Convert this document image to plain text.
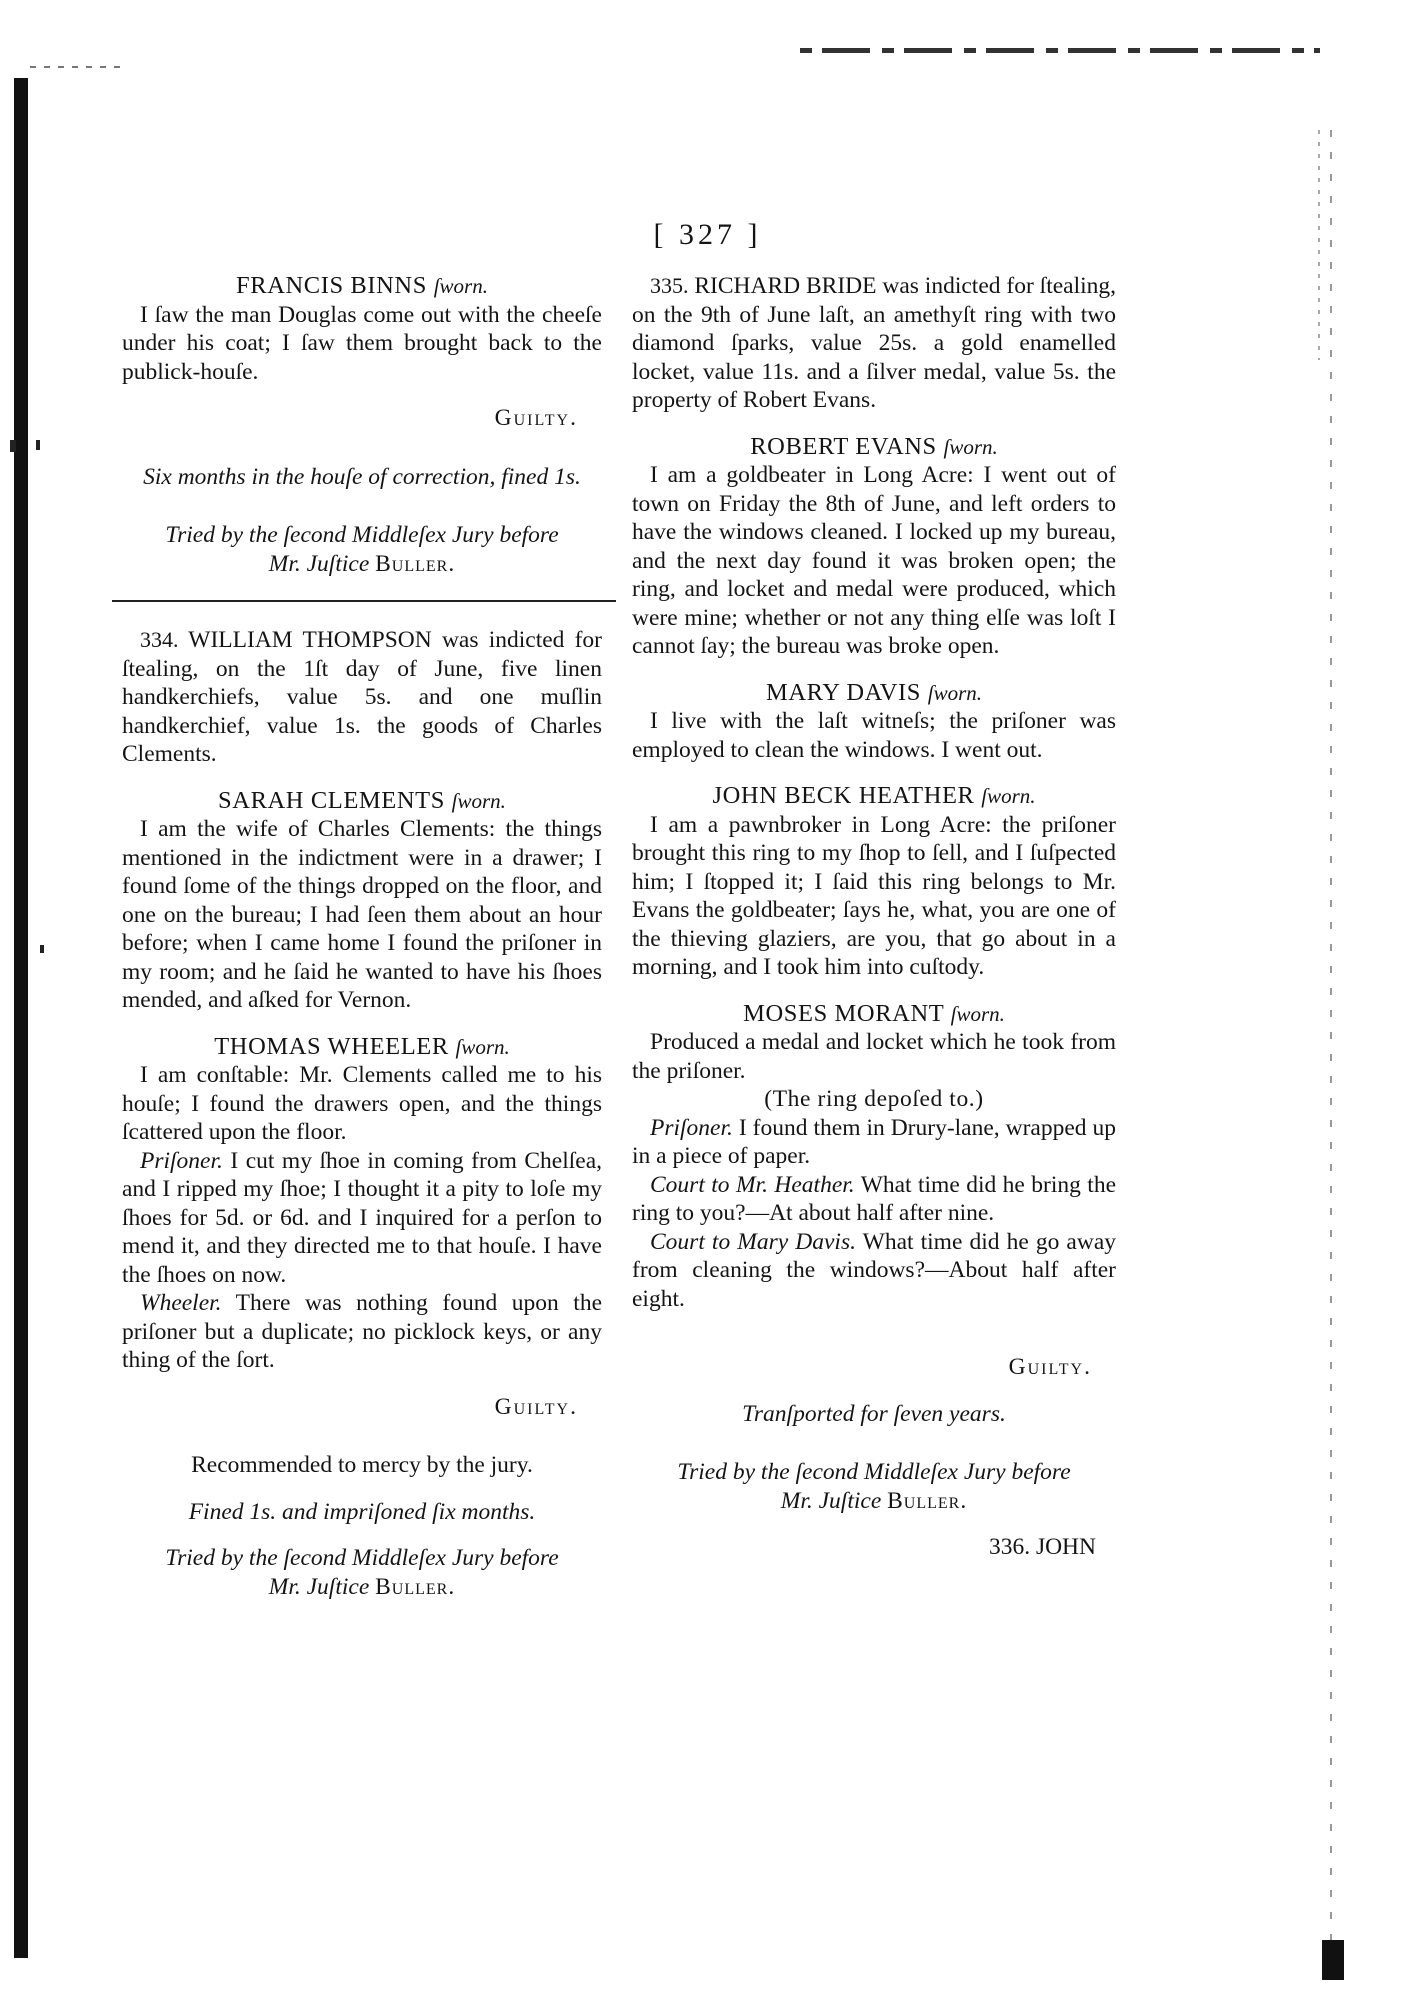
[ 327 ]

FRANCIS BINNS ſworn.

I ſaw the man Douglas come out with the cheeſe under his coat; I ſaw them brought back to the publick-houſe.

Guilty.

Six months in the houſe of correction, fined 1s.

Tried by the ſecond Middleſex Jury before
Mr. Juſtice Buller.

334. WILLIAM THOMPSON was indicted for ſtealing, on the 1ſt day of June, five linen handkerchiefs, value 5s. and one muſlin handkerchief, value 1s. the goods of Charles Clements.

SARAH CLEMENTS ſworn.

I am the wife of Charles Clements: the things mentioned in the indictment were in a drawer; I found ſome of the things dropped on the floor, and one on the bureau; I had ſeen them about an hour before; when I came home I found the priſoner in my room; and he ſaid he wanted to have his ſhoes mended, and aſked for Vernon.

THOMAS WHEELER ſworn.

I am conſtable: Mr. Clements called me to his houſe; I found the drawers open, and the things ſcattered upon the floor.

Priſoner. I cut my ſhoe in coming from Chelſea, and I ripped my ſhoe; I thought it a pity to loſe my ſhoes for 5d. or 6d. and I inquired for a perſon to mend it, and they directed me to that houſe. I have the ſhoes on now.

Wheeler. There was nothing found upon the priſoner but a duplicate; no picklock keys, or any thing of the ſort.

Guilty.

Recommended to mercy by the jury.

Fined 1s. and impriſoned ſix months.

Tried by the ſecond Middleſex Jury before
Mr. Juſtice Buller.

335. RICHARD BRIDE was indicted for ſtealing, on the 9th of June laſt, an amethyſt ring with two diamond ſparks, value 25s. a gold enamelled locket, value 11s. and a ſilver medal, value 5s. the property of Robert Evans.

ROBERT EVANS ſworn.

I am a goldbeater in Long Acre: I went out of town on Friday the 8th of June, and left orders to have the windows cleaned. I locked up my bureau, and the next day found it was broken open; the ring, and locket and medal were produced, which were mine; whether or not any thing elſe was loſt I cannot ſay; the bureau was broke open.

MARY DAVIS ſworn.

I live with the laſt witneſs; the priſoner was employed to clean the windows. I went out.

JOHN BECK HEATHER ſworn.

I am a pawnbroker in Long Acre: the priſoner brought this ring to my ſhop to ſell, and I ſuſpected him; I ſtopped it; I ſaid this ring belongs to Mr. Evans the goldbeater; ſays he, what, you are one of the thieving glaziers, are you, that go about in a morning, and I took him into cuſtody.

MOSES MORANT ſworn.

Produced a medal and locket which he took from the priſoner.

(The ring depoſed to.)

Priſoner. I found them in Drury-lane, wrapped up in a piece of paper.

Court to Mr. Heather. What time did he bring the ring to you?—At about half after nine.

Court to Mary Davis. What time did he go away from cleaning the windows?—About half after eight.

Guilty.

Tranſported for ſeven years.

Tried by the ſecond Middleſex Jury before
Mr. Juſtice Buller.

336. JOHN
